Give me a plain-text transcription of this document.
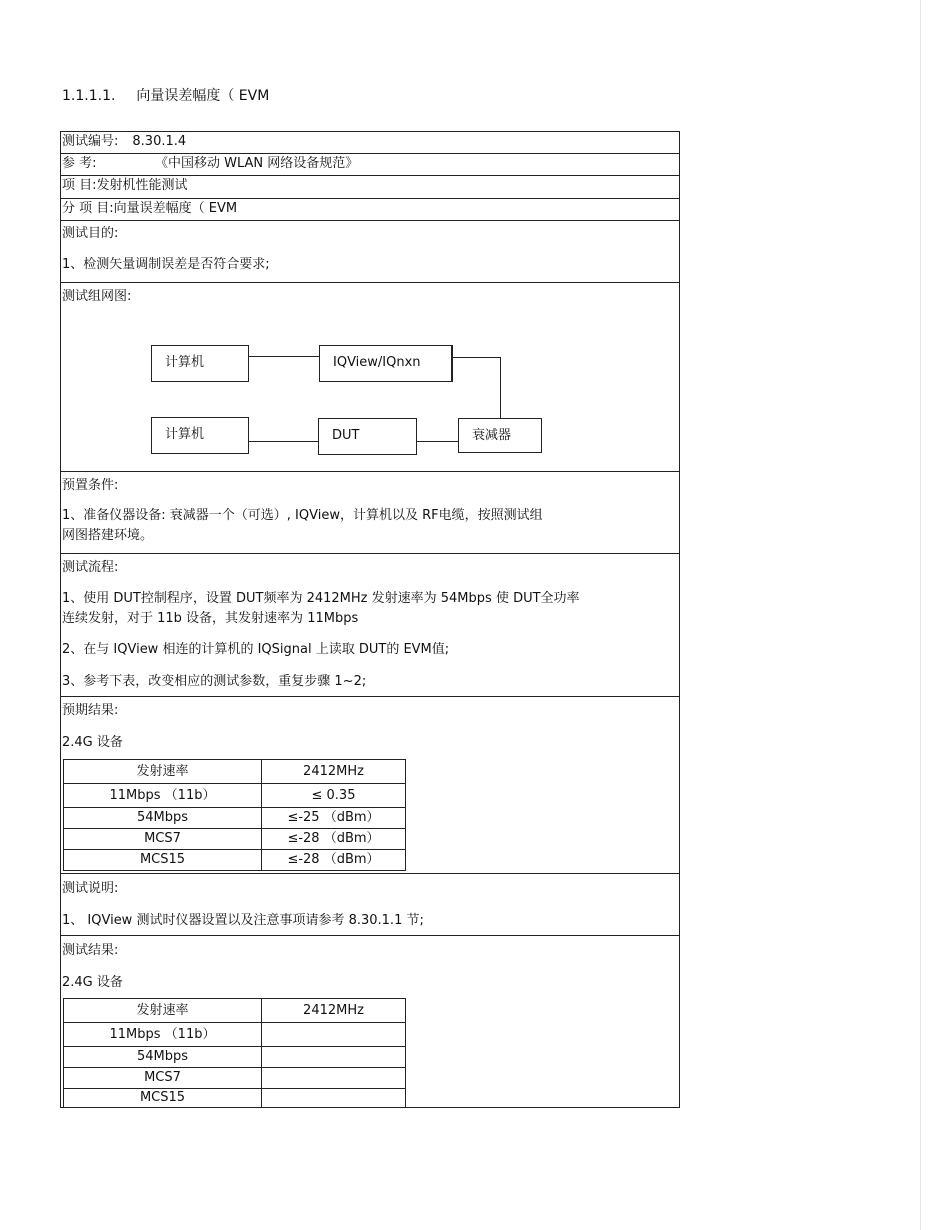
1.1.1.1. 向量误差幅度（ EVM
测试编号: 8.30.1.4
参 考:	《中国移动 WLAN 网络设备规范》
项 目:发射机性能测试
分 项 目:向量误差幅度（ EVM
测试目的:
1、检测矢量调制误差是否符合要求;
测试组网图:
计算机	IQView/IQnxn
计算机	DUT	衰减器
预置条件:
1、准备仪器设备: 衰减器一个（可选）, IQView，计算机以及 RF电缆，按照测试组
网图搭建环境。
测试流程:
1、使用 DUT控制程序，设置 DUT频率为 2412MHz 发射速率为 54Mbps 使 DUT全功率
连续发射，对于 11b 设备，其发射速率为 11Mbps
2、在与 IQView 相连的计算机的 IQSignal 上读取 DUT的 EVM值;
3、参考下表，改变相应的测试参数，重复步骤 1~2;
预期结果:
2.4G 设备
发射速率	2412MHz
11Mbps （11b）	≤ 0.35
54Mbps	≤-25 （dBm）
MCS7	≤-28 （dBm）
MCS15	≤-28 （dBm）
测试说明:
1、 IQView 测试时仪器设置以及注意事项请参考 8.30.1.1 节;
测试结果:
2.4G 设备
发射速率	2412MHz
11Mbps （11b）	
54Mbps	
MCS7	
MCS15	
